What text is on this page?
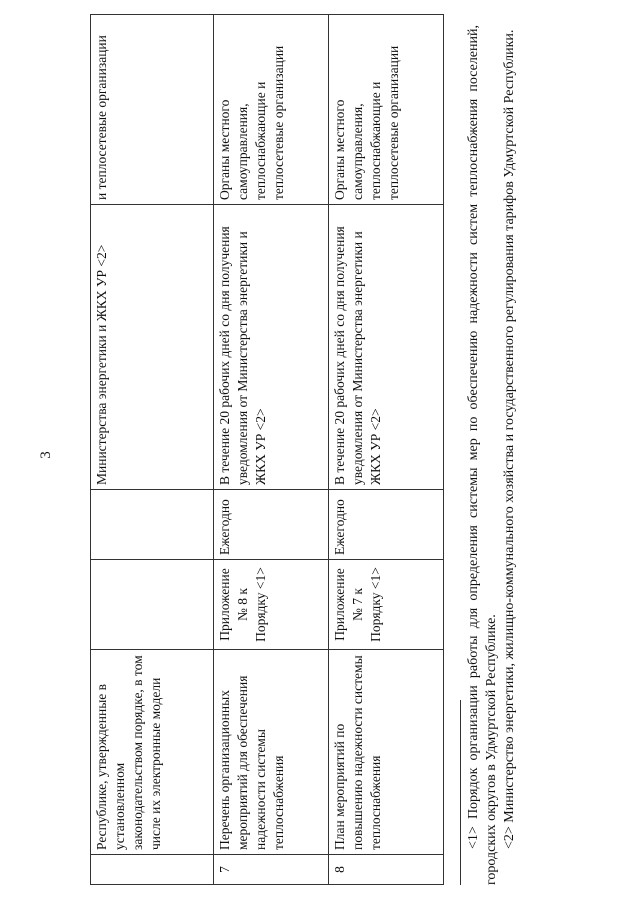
3
	Республике, утвержденные в установленном законодательством порядке, в том числе их электронные модели			Министерства энергетики и ЖКХ УР <2>	и теплосетевые организации
7	Перечень организационных мероприятий для обеспечения надежности системы теплоснабжения	Приложение № 8 к Порядку <1>	Ежегодно	В течение 20 рабочих дней со дня получения уведомления от Министерства энергетики и ЖКХ УР <2>	Органы местного самоуправления, теплоснабжающие и теплосетевые организации
8	План мероприятий по повышению надежности системы теплоснабжения	Приложение № 7 к Порядку <1>	Ежегодно	В течение 20 рабочих дней со дня получения уведомления от Министерства энергетики и ЖКХ УР <2>	Органы местного самоуправления, теплоснабжающие и теплосетевые организации	<1> Порядок организации работы для определения системы мер по обеспечению надежности систем теплоснабжения поселений, городских округов в Удмуртской Республике. <2> Министерство энергетики, жилищно-коммунального хозяйства и государственного регулирования тарифов Удмуртской Республики.
